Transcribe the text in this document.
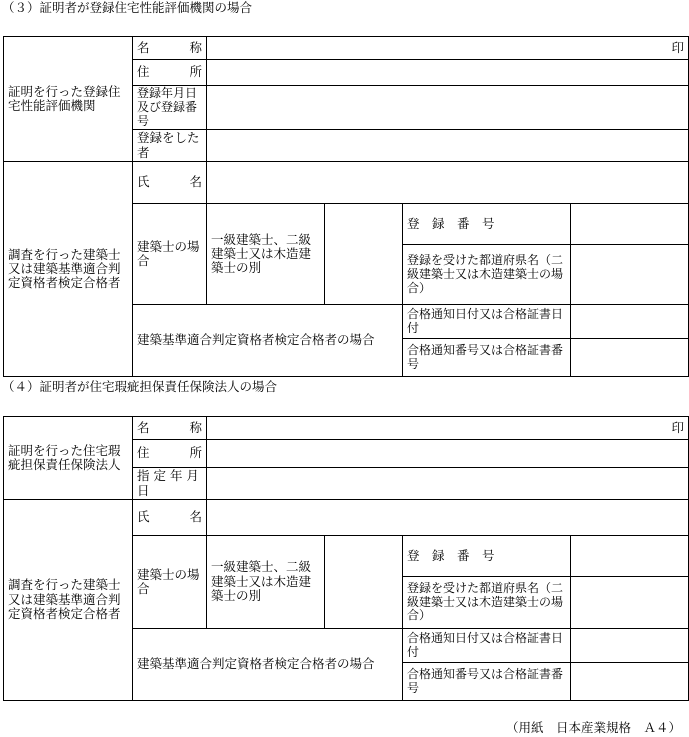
（３）証明者が登録住宅性能評価機関の場合
証明を行った登録住宅性能評価機関	名 称	印			

	住 所				

	登録年月日及び登録番号				
	登録をした者				
調査を行った建築士又は建築基準適合判定資格者検定合格者	氏 名				

	建築士の場合	一級建築士、二級建築士又は木造建築士の別		登　録　番　号	
				登録を受けた都道府県名（二級建築士又は木造建築士の場合）	
	建築基準適合判定資格者検定合格者の場合			合格通知日付又は合格証書日付	
				合格通知番号又は合格証書番号	
（４）証明者が住宅瑕疵担保責任保険法人の場合
証明を行った住宅瑕疵担保責任保険法人	名 称	印			

	住 所				

	指 定 年 月 日				
調査を行った建築士又は建築基準適合判定資格者検定合格者	氏 名				

	建築士の場合	一級建築士、二級建築士又は木造建築士の別		登　録　番　号	
				登録を受けた都道府県名（二級建築士又は木造建築士の場合）	
	建築基準適合判定資格者検定合格者の場合			合格通知日付又は合格証書日付	
				合格通知番号又は合格証書番号	
（用紙　日本産業規格　Ａ４）
